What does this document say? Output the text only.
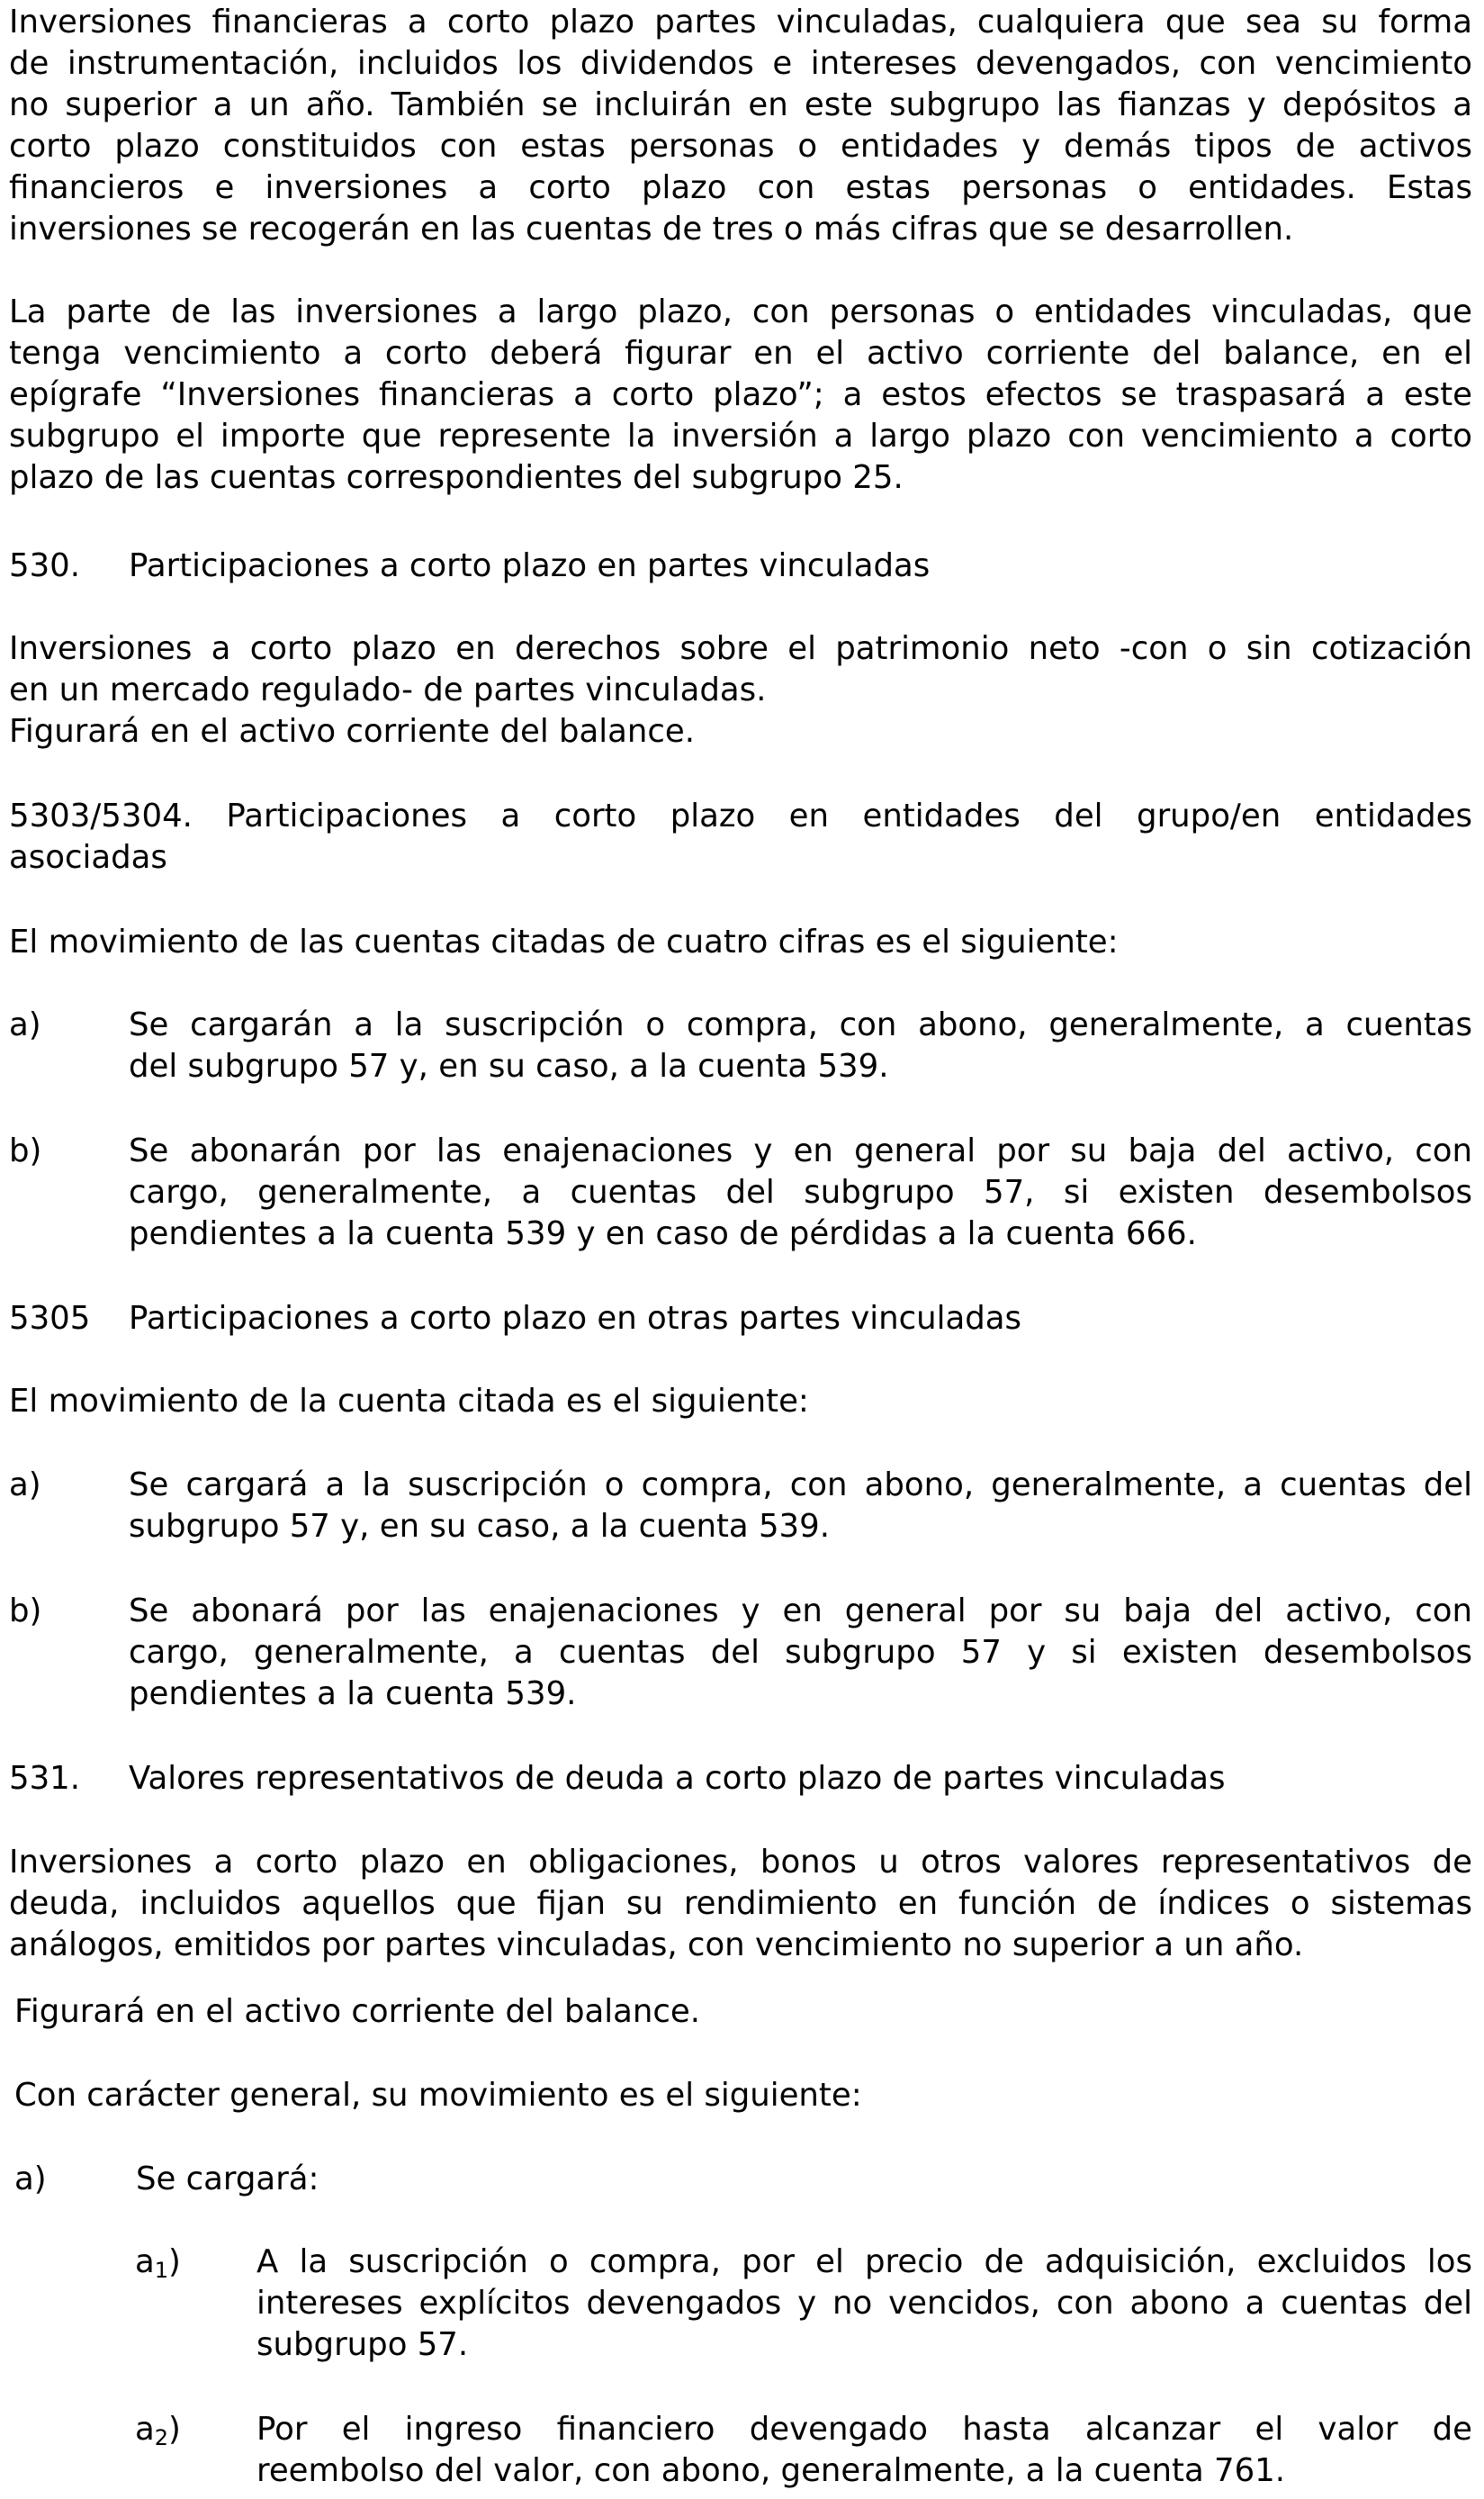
Inversiones financieras a corto plazo partes vinculadas, cualquiera que sea su forma
de instrumentación, incluidos los dividendos e intereses devengados, con vencimiento
no superior a un año. También se incluirán en este subgrupo las fianzas y depósitos a
corto plazo constituidos con estas personas o entidades y demás tipos de activos
financieros e inversiones a corto plazo con estas personas o entidades. Estas
inversiones se recogerán en las cuentas de tres o más cifras que se desarrollen.
La parte de las inversiones a largo plazo, con personas o entidades vinculadas, que
tenga vencimiento a corto deberá figurar en el activo corriente del balance, en el
epígrafe “Inversiones financieras a corto plazo”; a estos efectos se traspasará a este
subgrupo el importe que represente la inversión a largo plazo con vencimiento a corto
plazo de las cuentas correspondientes del subgrupo 25.
530. Participaciones a corto plazo en partes vinculadas
Inversiones a corto plazo en derechos sobre el patrimonio neto -con o sin cotización
en un mercado regulado- de partes vinculadas.
Figurará en el activo corriente del balance.
5303/5304. Participaciones a corto plazo en entidades del grupo/en entidades
asociadas
El movimiento de las cuentas citadas de cuatro cifras es el siguiente:
a)	Se cargarán a la suscripción o compra, con abono, generalmente, a cuentas
del subgrupo 57 y, en su caso, a la cuenta 539.
b)	Se abonarán por las enajenaciones y en general por su baja del activo, con
cargo, generalmente, a cuentas del subgrupo 57, si existen desembolsos
pendientes a la cuenta 539 y en caso de pérdidas a la cuenta 666.
5305 Participaciones a corto plazo en otras partes vinculadas
El movimiento de la cuenta citada es el siguiente:
a)	Se cargará a la suscripción o compra, con abono, generalmente, a cuentas del
subgrupo 57 y, en su caso, a la cuenta 539.
b)	Se abonará por las enajenaciones y en general por su baja del activo, con
cargo, generalmente, a cuentas del subgrupo 57 y si existen desembolsos
pendientes a la cuenta 539.
531. Valores representativos de deuda a corto plazo de partes vinculadas
Inversiones a corto plazo en obligaciones, bonos u otros valores representativos de
deuda, incluidos aquellos que fijan su rendimiento en función de índices o sistemas
análogos, emitidos por partes vinculadas, con vencimiento no superior a un año.
Figurará en el activo corriente del balance.
Con carácter general, su movimiento es el siguiente:
a)	Se cargará:
$a_1$) A la suscripción o compra, por el precio de adquisición, excluidos los
intereses explícitos devengados y no vencidos, con abono a cuentas del
subgrupo 57.
$a_2$) Por el ingreso financiero devengado hasta alcanzar el valor de
reembolso del valor, con abono, generalmente, a la cuenta 761.
